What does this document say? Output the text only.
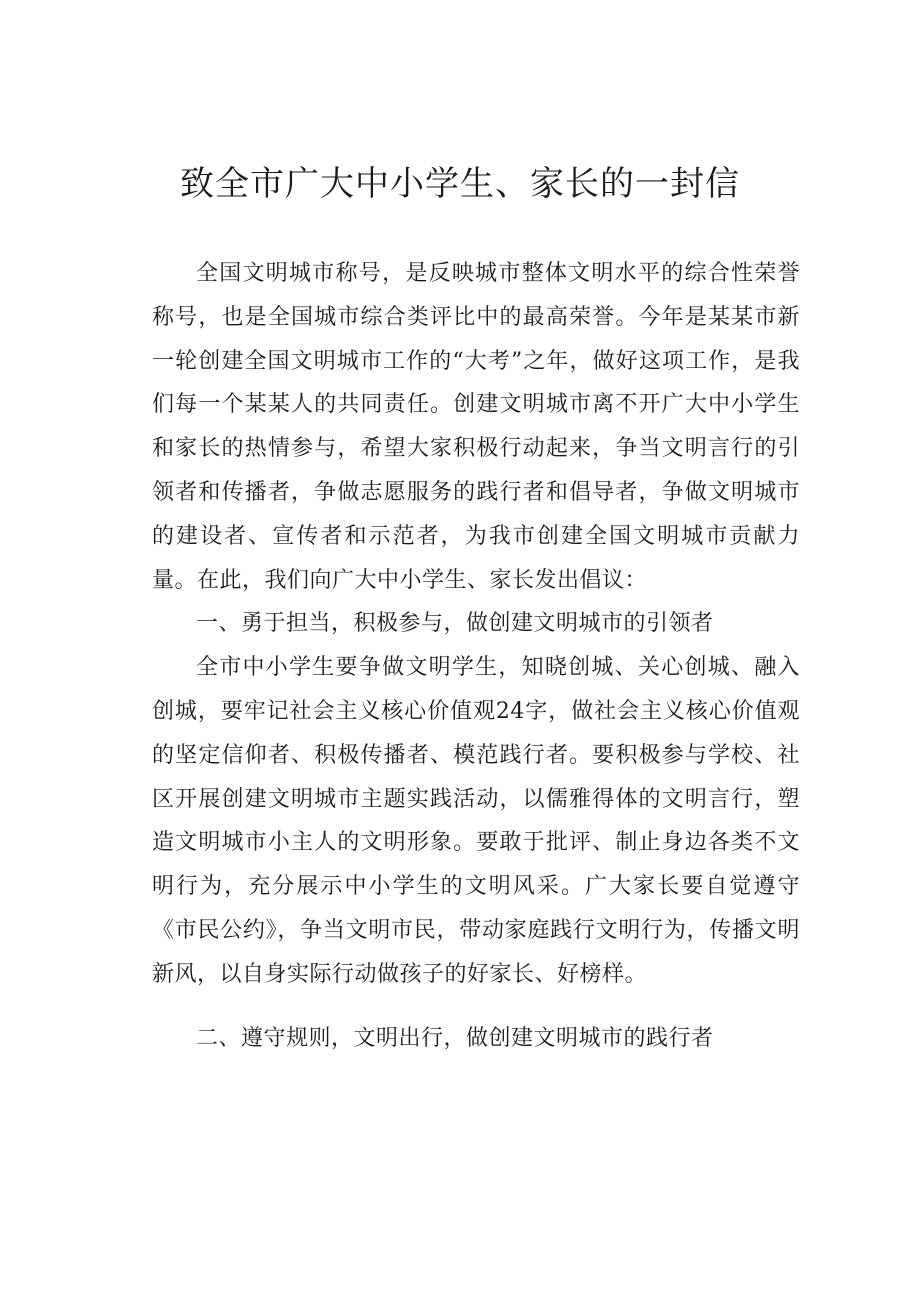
致全市广大中小学生、家长的一封信

全国文明城市称号，是反映城市整体文明水平的综合性荣誉称号，也是全国城市综合类评比中的最高荣誉。今年是某某市新一轮创建全国文明城市工作的“大考”之年，做好这项工作，是我们每一个某某人的共同责任。创建文明城市离不开广大中小学生和家长的热情参与，希望大家积极行动起来，争当文明言行的引领者和传播者，争做志愿服务的践行者和倡导者，争做文明城市的建设者、宣传者和示范者，为我市创建全国文明城市贡献力量。在此，我们向广大中小学生、家长发出倡议：

一、勇于担当，积极参与，做创建文明城市的引领者

全市中小学生要争做文明学生，知晓创城、关心创城、融入创城，要牢记社会主义核心价值观24字，做社会主义核心价值观的坚定信仰者、积极传播者、模范践行者。要积极参与学校、社区开展创建文明城市主题实践活动，以儒雅得体的文明言行，塑造文明城市小主人的文明形象。要敢于批评、制止身边各类不文明行为，充分展示中小学生的文明风采。广大家长要自觉遵守《市民公约》，争当文明市民，带动家庭践行文明行为，传播文明新风，以自身实际行动做孩子的好家长、好榜样。

二、遵守规则，文明出行，做创建文明城市的践行者
